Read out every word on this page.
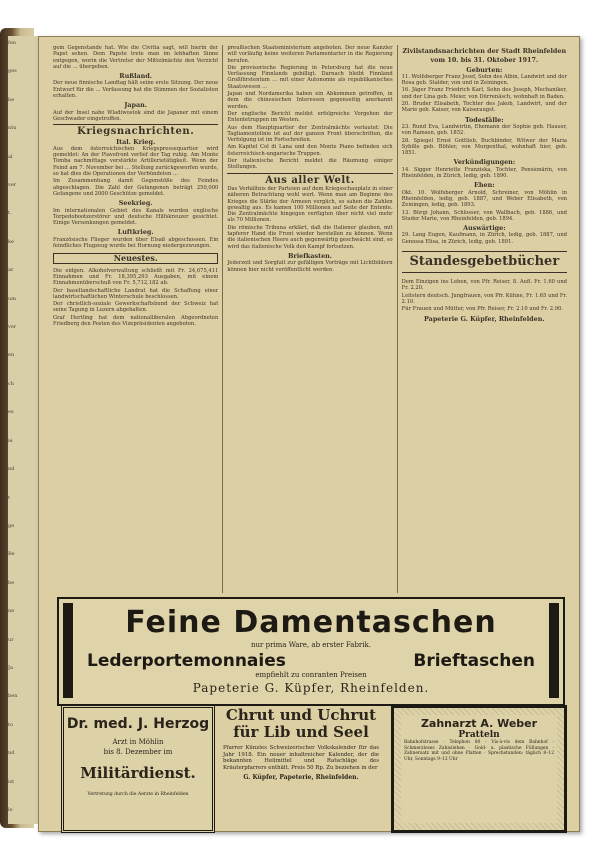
fen

ges

be

ntu

al

ver

t.

ke

ar

um

ver

en

ch

es

ie

nd

t

ge

Be

be

ne

ur

Ja

ben

to

nd

ist

le

gem Gegenstande hat. Wie die Civitta sagt, will hierin der Papst sehen. Dem Papste trete man im lebhaften Sinne entgegen, worin die Vertreter der Mittelmächte den Verzicht auf die ... übergeben.

Rußland.

Der neue finnische Landtag hält seine erste Sitzung. Der neue Entwurf für die ... Verfassung hat die Stimmen der Sozialisten erhalten.

Japan.

Auf der Insel nahe Wladiwostok sind die Japaner mit einem Geschwader eingetroffen.

Kriegsnachrichten.
Ital. Krieg.

Aus dem österreichischen Kriegspressequartier wird gemeldet: An der Piavefront verlief der Tag ruhig. Am Monte Tomba nachmittags verstärkte Artillerietätigkeit. Wenn der Feind am 7. November bei ... Stellung zurückgeworfen wurde, so hat dies die Operationen der Verbündeten ...

Im Zusammenhang damit Gegenstöße des Feindes abgeschlagen. Die Zahl der Gefangenen beträgt 250,000 Gefangene und 2000 Geschütze gemeldet.

Seekrieg.

Im internationalen Gebiet des Kanals wurden englische Torpedobootzerstörer und deutsche Hilfskreuzer gesichtet. Einige Versenkungen gemeldet.

Luftkrieg.

Französische Flieger wurden über Elsaß abgeschossen. Ein feindliches Flugzeug wurde bei Hornung niedergezwungen.

Neuestes.

Die eidgen. Alkoholverwaltung schließt mit Fr. 24,675,411 Einnahmen und Fr. 18,395,293 Ausgaben, mit einem Einnahmenüberschuß von Fr. 5,712,182 ab.

Der basellandschaftliche Landrat hat die Schaffung einer landwirtschaftlichen Winterschule beschlossen.

Der christlich-soziale Gewerkschaftsbund der Schweiz hat seine Tagung in Luzern abgehalten.

Graf Hertling hat dem nationalliberalen Abgeordneten Friedberg den Posten des Vizepräsidenten angeboten.

preußischen Staatsministerium angeboten. Der neue Kanzler will vorläufig keine weiteren Parlamentarier in die Regierung berufen.

Die provisorische Regierung in Petersburg hat die neue Verfassung Finnlands gebilligt. Darnach bleibt Finnland Großfürstentum ... mit einer Autonomie als republikanisches Staatswesen ...

Japan und Nordamerika haben ein Abkommen getroffen, in dem die chinesischen Interessen gegenseitig anerkannt werden.

Der englische Bericht meldet erfolgreiche Vorgehen der Ententetruppen im Westen.

Aus dem Hauptquartier der Zentralmächte verlautet: Die Tagliamentolinie ist auf der ganzen Front überschritten, die Verfolgung ist im Fortschreiten.

Am Kapitel Col di Lana und den Monte Piano befinden sich österreichisch-ungarische Truppen.

Der italienische Bericht meldet die Räumung einiger Stellungen.

Aus aller Welt.

Das Verhältnis der Parteien auf dem Kriegsschauplatz in einer näheren Betrachtung wohl wert. Wenn man am Beginne des Krieges die Stärke der Armeen verglich, so sahen die Zahlen gewaltig aus. Es kamen 100 Millionen auf Seite der Entente. Die Zentralmächte hingegen verfügten über nicht viel mehr als 70 Millionen.

Die römische Tribuna erklärt, daß die Italiener glauben, mit tapferer Hand die Front wieder herstellen zu können. Wenn die italienischen Heere auch gegenwärtig geschwächt sind, so wird das italienische Volk den Kampf fortsetzen.

Briefkasten.

Jederzeit und Sorgfalt zur gefälligen Vorträge mit Lichtbildern können hier nicht veröffentlicht werden.

Zivilstandsnachrichten der Stadt Rheinfelden
vom 10. bis 31. Oktober 1917.
Geburten:

11. Wolfsberger Franz Josef, Sohn des Albin, Landwirt und der Rosa geb. Stalder, von und in Zeiningen.

16. Jäger Franz Friedrich Karl, Sohn des Joseph, Mechaniker, und der Lina geb. Meier, von Dürrenäsch, wohnhaft in Baden.

20. Bruder Elisabeth, Tochter des Jakob, Landwirt, und der Marie geb. Kaiser, von Kaiseraugst.

Todesfälle:

23. Rund Eva, Landwirtin, Ehemann der Sophie geb. Hauser, von Ramsen, geb. 1852.

28. Spiegel Ernst Gottlieb, Buchbinder, Witwer der Maria Sybille geb. Böhler, von Murgenthal, wohnhaft hier, geb. 1851.

Verkündigungen:

14. Sigger Henriette Franziska, Tochter, Pensionärin, von Rheinfelden, in Zürich, ledig, geb. 1890.

Ehen:

Okt. 10. Wolfsberger Arnold, Schreiner, von Möhlin in Rheinfelden, ledig, geb. 1887, und Weber Elisabeth, von Zeiningen, ledig, geb. 1893.

13. Bürgi Johann, Schlosser, von Wallbach, geb. 1886, und Studer Marie, von Rheinfelden, geb. 1894.

Auswärtige:

29. Lang Eugen, Kaufmann, in Zürich, ledig, geb. 1887, und Genossa Elisa, in Zürich, ledig, geb. 1891.

Standesgebetbücher

Dem Einzigen ins Leben, von Pfr. Reiser, 8. Aufl. Fr. 1.60 und Fr. 2.20.

Leitstern deutsch. Jungfrauen, von Pfr. Kühne, Fr. 1.65 und Fr. 2.10.

Für Frauen und Mütter, von Pfr. Reiser, Fr. 2.10 und Fr. 2.90.

Papeterie G. Küpfer, Rheinfelden.
Feine Damentaschen
nur prima Ware, ab erster Fabrik.
Lederportemonnaies	Brieftaschen
empfiehlt zu conranten Preisen
Papeterie G. Küpfer, Rheinfelden.
Dr. med. J. Herzog
Arzt in Möhlin
bis 8. Dezember im
Militärdienst.
Vertretung durch die Aerzte in Rheinfelden
Chrut und Uchrut für Lib und Seel
Pfarrer Künzles Schweizerischer Volkskalender für das Jahr 1918. Ein neuer inhaltreicher Kalender, der die bekannten Heilmittel und Ratschläge des Kräuterpfarrers enthält. Preis 50 Rp. Zu beziehen in der
G. Küpfer, Papeterie, Rheinfelden.
Zahnarzt A. Weber
Pratteln
Bahnhofstrasse · Telephon 80 · Vis-à-vis dem Bahnhof · Schmerzloses Zahnziehen · Gold- u. plastische Füllungen · Zahnersatz mit und ohne Platten · Sprechstunden: täglich 8–12 Uhr, Sonntags 9–12 Uhr
